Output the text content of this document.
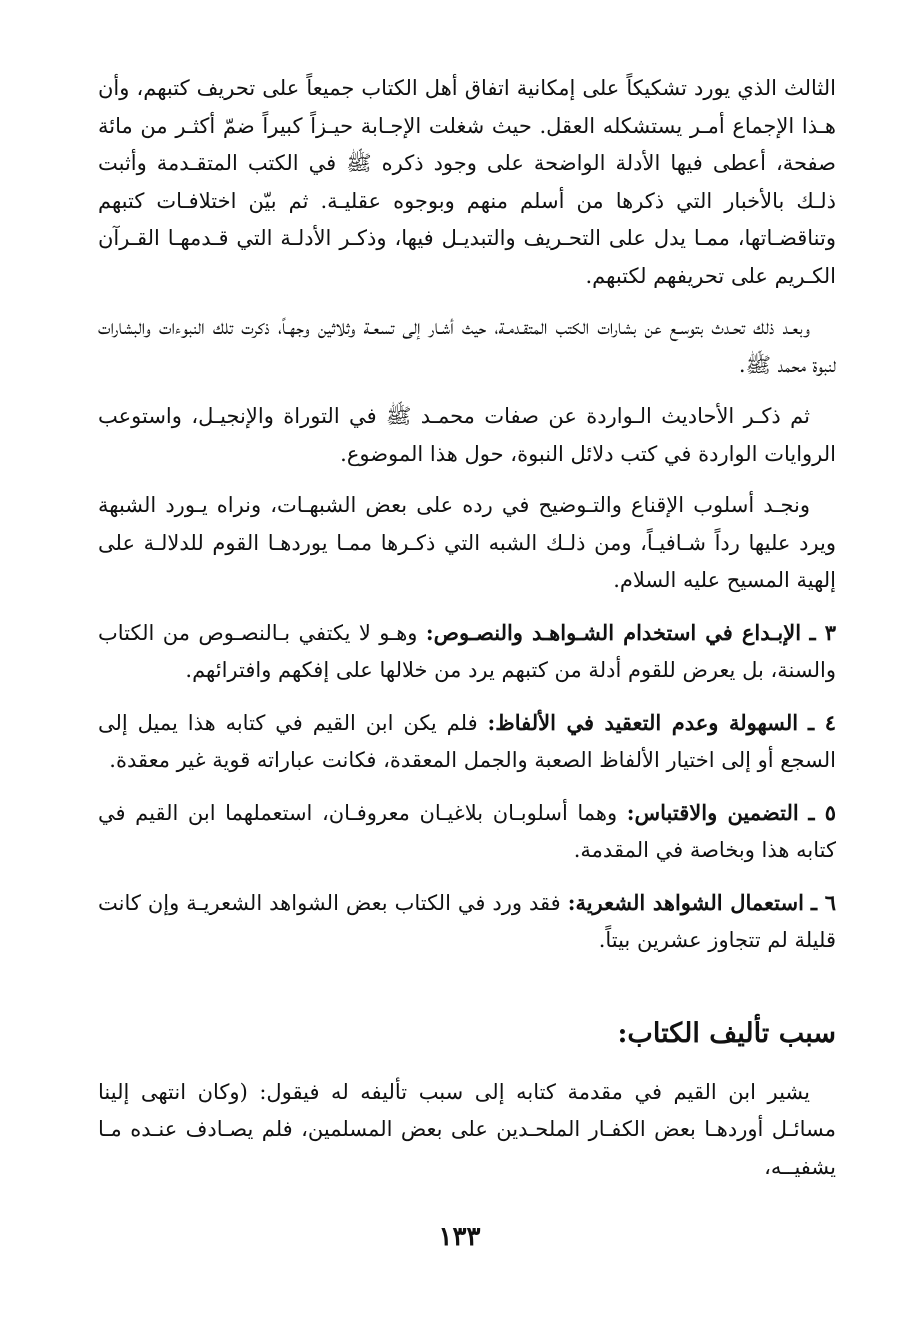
الثالث الذي يورد تشكيكاً على إمكانية اتفاق أهل الكتاب جميعاً على تحريف كتبهم، وأن هـذا الإجماع أمـر يستشكله العقل. حيث شغلت الإجـابة حيـزاً كبيراً ضمّ أكثـر من مائة صفحة، أعطى فيها الأدلة الواضحة على وجود ذكره ﷺ في الكتب المتقـدمة وأثبت ذلـك بالأخبار التي ذكرها من أسلم منهم وبوجوه عقليـة. ثم بيّن اختلافـات كتبهم وتناقضـاتها، ممـا يدل على التحـريف والتبديـل فيها، وذكـر الأدلـة التي قـدمهـا القـرآن الكـريم على تحريفهم لكتبهم.

وبعـد ذلك تحـدث بتوسـع عن بشارات الكتب المتقـدمـة، حيث أشـار إلى تسعـة وثلاثين وجهـاً، ذكرت تلك النبوءات والبشارات لنبوة محمد ﷺ.

ثم ذكـر الأحاديث الـواردة عن صفات محمـد ﷺ في التوراة والإنجيـل، واستوعب الروايات الواردة في كتب دلائل النبوة، حول هذا الموضوع.

ونجـد أسلوب الإقناع والتـوضيح في رده على بعض الشبهـات، ونراه يـورد الشبهة ويرد عليها رداً شـافيـاً، ومن ذلـك الشبه التي ذكـرها ممـا يوردهـا القوم للدلالـة على إلهية المسيح عليه السلام.

٣ ـ الإبـداع في استخدام الشـواهـد والنصـوص: وهـو لا يكتفي بـالنصـوص من الكتاب والسنة، بل يعرض للقوم أدلة من كتبهم يرد من خلالها على إفكهم وافترائهم.

٤ ـ السهولة وعدم التعقيد في الألفاظ: فلم يكن ابن القيم في كتابه هذا يميل إلى السجع أو إلى اختيار الألفاظ الصعبة والجمل المعقدة، فكانت عباراته قوية غير معقدة.

٥ ـ التضمين والاقتباس: وهما أسلوبـان بلاغيـان معروفـان، استعملهما ابن القيم في كتابه هذا وبخاصة في المقدمة.

٦ ـ استعمال الشواهد الشعرية: فقد ورد في الكتاب بعض الشواهد الشعريـة وإن كانت قليلة لم تتجاوز عشرين بيتاً.

سبب تأليف الكتاب:

يشير ابن القيم في مقدمة كتابه إلى سبب تأليفه له فيقول: (وكان انتهى إلينا مسائـل أوردهـا بعض الكفـار الملحـدين على بعض المسلمين، فلم يصـادف عنـده مـا يشفيــه،

١٣٣
